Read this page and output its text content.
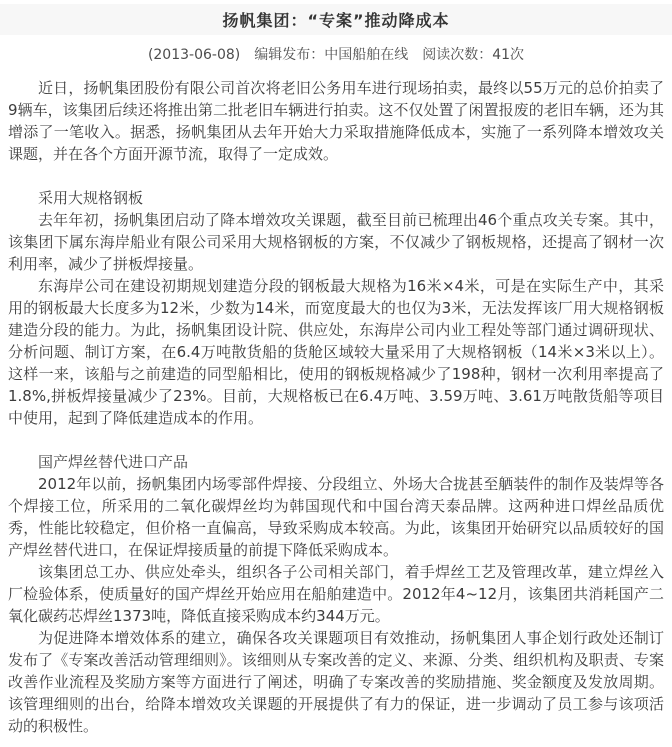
扬帆集团：“专案”推动降成本
(2013-06-08) 编辑发布：中国船舶在线 阅读次数：41次

近日，扬帆集团股份有限公司首次将老旧公务用车进行现场拍卖，最终以55万元的总价拍卖了9辆车，该集团后续还将推出第二批老旧车辆进行拍卖。这不仅处置了闲置报废的老旧车辆，还为其增添了一笔收入。据悉，扬帆集团从去年开始大力采取措施降低成本，实施了一系列降本增效攻关课题，并在各个方面开源节流，取得了一定成效。

采用大规格钢板

去年年初，扬帆集团启动了降本增效攻关课题，截至目前已梳理出46个重点攻关专案。其中，该集团下属东海岸船业有限公司采用大规格钢板的方案，不仅减少了钢板规格，还提高了钢材一次利用率，减少了拼板焊接量。

东海岸公司在建设初期规划建造分段的钢板最大规格为16米×4米，可是在实际生产中，其采用的钢板最大长度多为12米，少数为14米，而宽度最大的也仅为3米，无法发挥该厂用大规格钢板建造分段的能力。为此，扬帆集团设计院、供应处，东海岸公司内业工程处等部门通过调研现状、分析问题、制订方案，在6.4万吨散货船的货舱区域较大量采用了大规格钢板（14米×3米以上）。这样一来，该船与之前建造的同型船相比，使用的钢板规格减少了198种，钢材一次利用率提高了1.8%,拼板焊接量减少了23%。目前，大规格板已在6.4万吨、3.59万吨、3.61万吨散货船等项目中使用，起到了降低建造成本的作用。

国产焊丝替代进口产品

2012年以前，扬帆集团内场零部件焊接、分段组立、外场大合拢甚至舾装件的制作及装焊等各个焊接工位，所采用的二氧化碳焊丝均为韩国现代和中国台湾天泰品牌。这两种进口焊丝品质优秀，性能比较稳定，但价格一直偏高，导致采购成本较高。为此，该集团开始研究以品质较好的国产焊丝替代进口，在保证焊接质量的前提下降低采购成本。

该集团总工办、供应处牵头，组织各子公司相关部门，着手焊丝工艺及管理改革，建立焊丝入厂检验体系，使质量好的国产焊丝开始应用在船舶建造中。2012年4~12月，该集团共消耗国产二氧化碳药芯焊丝1373吨，降低直接采购成本约344万元。

为促进降本增效体系的建立，确保各攻关课题项目有效推动，扬帆集团人事企划行政处还制订发布了《专案改善活动管理细则》。该细则从专案改善的定义、来源、分类、组织机构及职责、专案改善作业流程及奖励方案等方面进行了阐述，明确了专案改善的奖励措施、奖金额度及发放周期。该管理细则的出台，给降本增效攻关课题的开展提供了有力的保证，进一步调动了员工参与该项活动的积极性。
